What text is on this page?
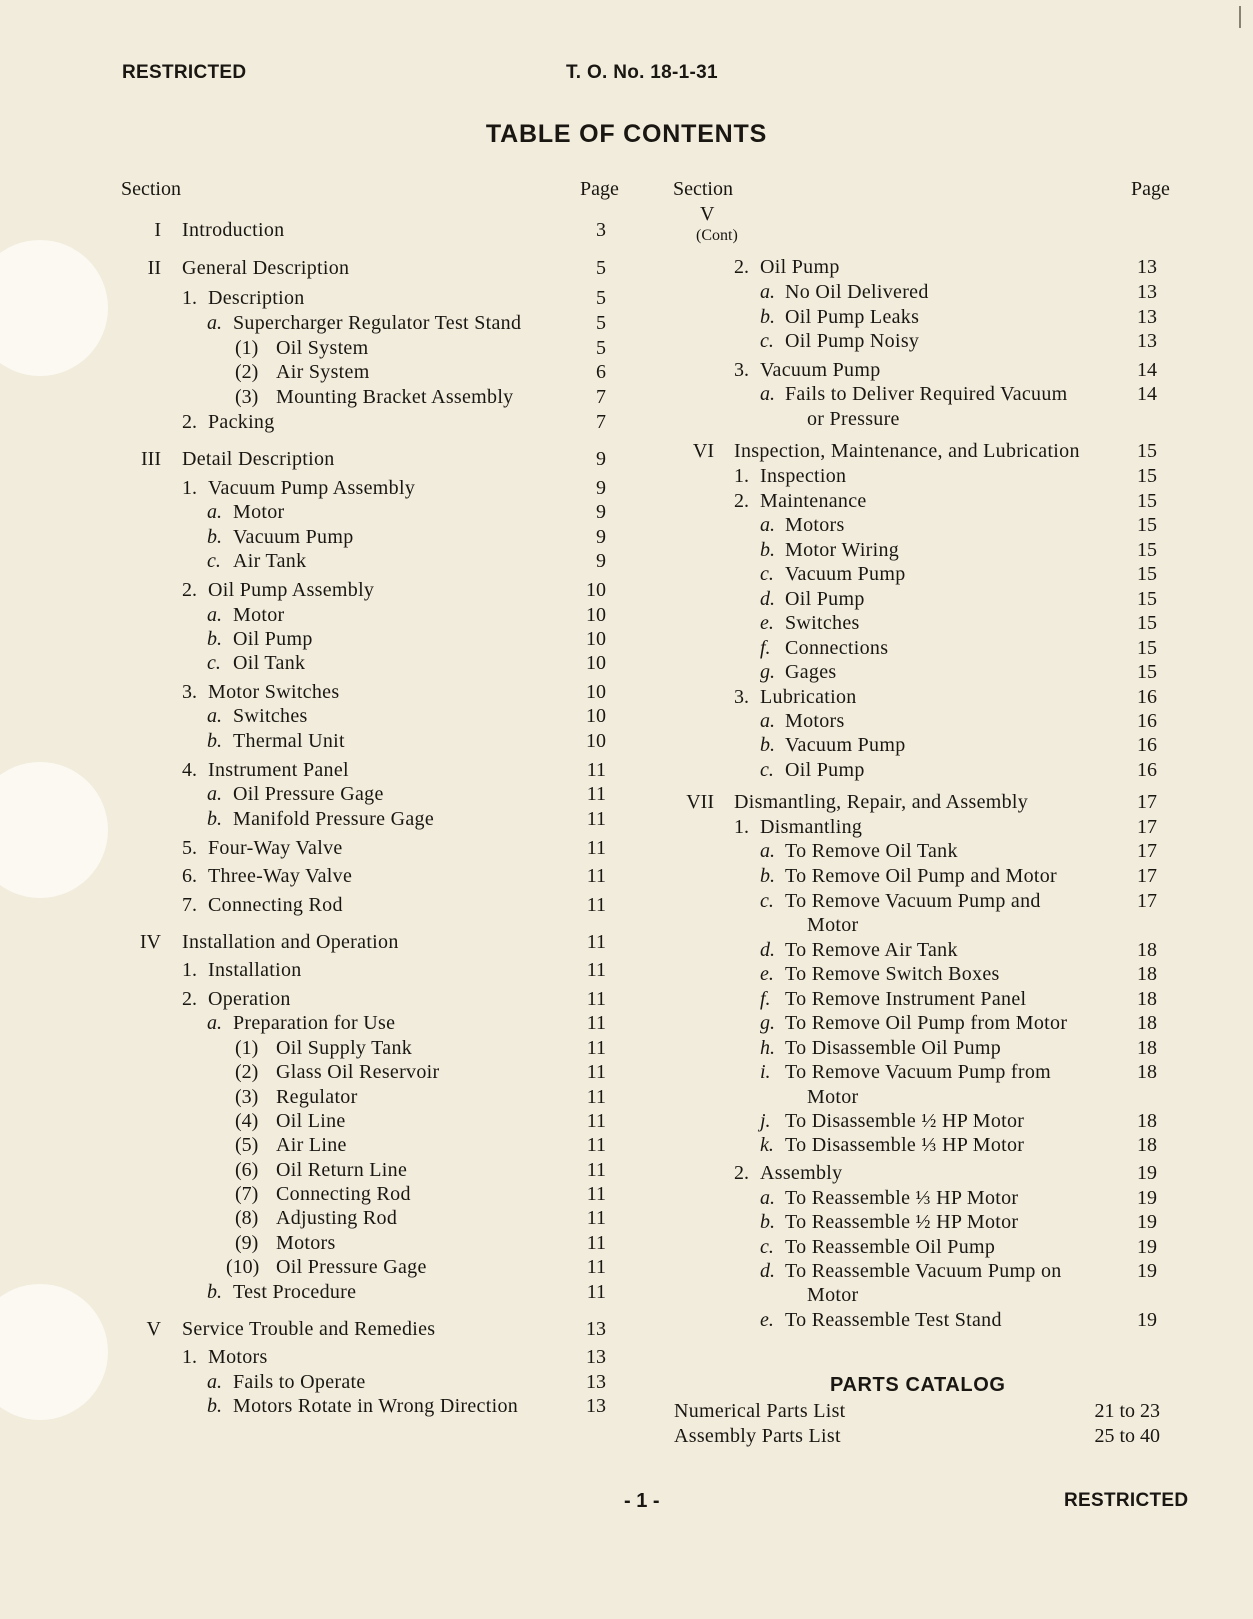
RESTRICTED	T. O. No. 18-1-31
TABLE OF CONTENTS
Section	Page	Section	Page
V
(Cont)
I Introduction	3
II General Description	5
1. Description	5
a. Supercharger Regulator Test Stand	5
(1) Oil System	5
(2) Air System	6
(3) Mounting Bracket Assembly	7
2. Packing	7
III Detail Description	9
1. Vacuum Pump Assembly	9
a. Motor	9
b. Vacuum Pump	9
c. Air Tank	9
2. Oil Pump Assembly	10
a. Motor	10
b. Oil Pump	10
c. Oil Tank	10
3. Motor Switches	10
a. Switches	10
b. Thermal Unit	10
4. Instrument Panel	11
a. Oil Pressure Gage	11
b. Manifold Pressure Gage	11
5. Four-Way Valve	11
6. Three-Way Valve	11
7. Connecting Rod	11
IV Installation and Operation	11
1. Installation	11
2. Operation	11
a. Preparation for Use	11
(1) Oil Supply Tank	11
(2) Glass Oil Reservoir	11
(3) Regulator	11
(4) Oil Line	11
(5) Air Line	11
(6) Oil Return Line	11
(7) Connecting Rod	11
(8) Adjusting Rod	11
(9) Motors	11
(10) Oil Pressure Gage	11
b. Test Procedure	11
V Service Trouble and Remedies	13
1. Motors	13
a. Fails to Operate	13
b. Motors Rotate in Wrong Direction	13
2. Oil Pump	13
a. No Oil Delivered	13
b. Oil Pump Leaks	13
c. Oil Pump Noisy	13
3. Vacuum Pump	14
a. Fails to Deliver Required Vacuum	14
or Pressure
VI Inspection, Maintenance, and Lubrication	15
1. Inspection	15
2. Maintenance	15
a. Motors	15
b. Motor Wiring	15
c. Vacuum Pump	15
d. Oil Pump	15
e. Switches	15
f. Connections	15
g. Gages	15
3. Lubrication	16
a. Motors	16
b. Vacuum Pump	16
c. Oil Pump	16
VII Dismantling, Repair, and Assembly	17
1. Dismantling	17
a. To Remove Oil Tank	17
b. To Remove Oil Pump and Motor	17
c. To Remove Vacuum Pump and	17
Motor
d. To Remove Air Tank	18
e. To Remove Switch Boxes	18
f. To Remove Instrument Panel	18
g. To Remove Oil Pump from Motor	18
h. To Disassemble Oil Pump	18
i. To Remove Vacuum Pump from	18
Motor
j. To Disassemble ½ HP Motor	18
k. To Disassemble ⅓ HP Motor	18
2. Assembly	19
a. To Reassemble ⅓ HP Motor	19
b. To Reassemble ½ HP Motor	19
c. To Reassemble Oil Pump	19
d. To Reassemble Vacuum Pump on	19
Motor
e. To Reassemble Test Stand	19
PARTS CATALOG
Numerical Parts List	21 to 23
Assembly Parts List	25 to 40
- 1 -	RESTRICTED
